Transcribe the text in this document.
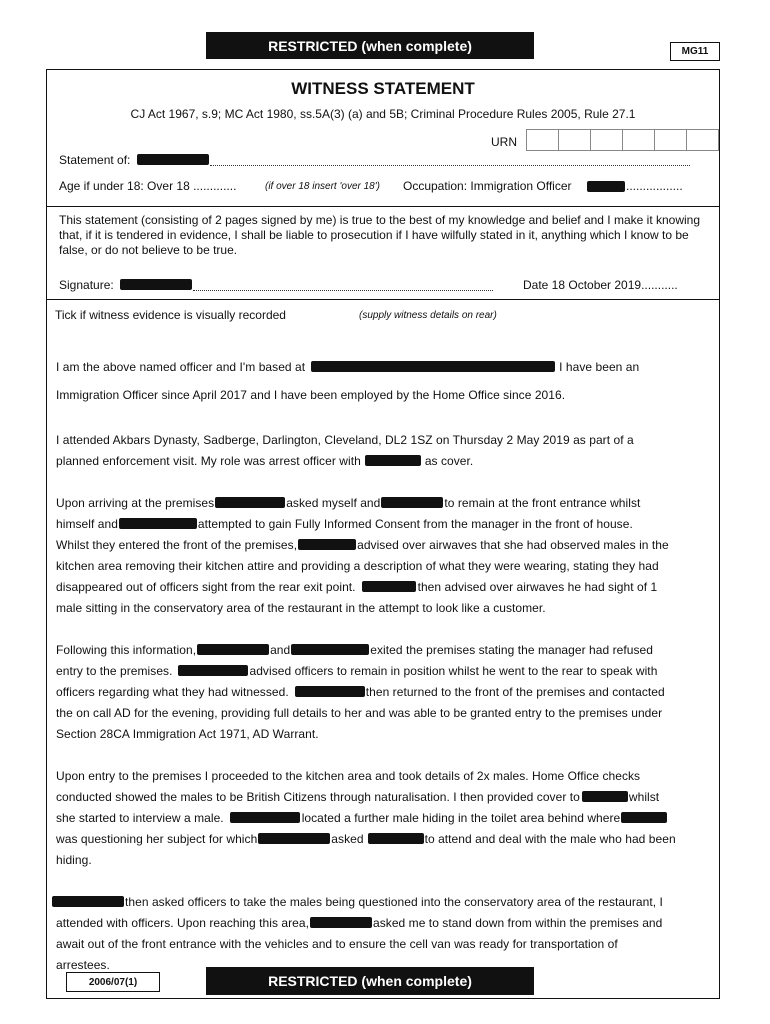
RESTRICTED (when complete)	MG11
WITNESS STATEMENT
CJ Act 1967, s.9; MC Act 1980, ss.5A(3) (a) and 5B; Criminal Procedure Rules 2005, Rule 27.1
URN
Statement of:
Age if under 18: Over 18 .............	(if over 18 insert 'over 18') Occupation: Immigration Officer	.................
This statement (consisting of 2 pages signed by me) is true to the best of my knowledge and belief and I make it knowing that, if it is tendered in evidence, I shall be liable to prosecution if I have wilfully stated in it, anything which I know to be false, or do not believe to be true.
Signature:	Date 18 October 2019...........
Tick if witness evidence is visually recorded	(supply witness details on rear)
I am the above named officer and I'm based at	I have been an
Immigration Officer since April 2017 and I have been employed by the Home Office since 2016.
I attended Akbars Dynasty, Sadberge, Darlington, Cleveland, DL2 1SZ on Thursday 2 May 2019 as part of a
planned enforcement visit. My role was arrest officer with	as cover.
Upon arriving at the premises	asked myself and	to remain at the front entrance whilst
himself and	attempted to gain Fully Informed Consent from the manager in the front of house.
Whilst they entered the front of the premises,	advised over airwaves that she had observed males in the
kitchen area removing their kitchen attire and providing a description of what they were wearing, stating they had
disappeared out of officers sight from the rear exit point.	then advised over airwaves he had sight of 1
male sitting in the conservatory area of the restaurant in the attempt to look like a customer.
Following this information,	and	exited the premises stating the manager had refused
entry to the premises.	advised officers to remain in position whilst he went to the rear to speak with
officers regarding what they had witnessed.	then returned to the front of the premises and contacted
the on call AD for the evening, providing full details to her and was able to be granted entry to the premises under
Section 28CA Immigration Act 1971, AD Warrant.
Upon entry to the premises I proceeded to the kitchen area and took details of 2x males. Home Office checks
conducted showed the males to be British Citizens through naturalisation. I then provided cover to	whilst
she started to interview a male.	located a further male hiding in the toilet area behind where
was questioning her subject for which	asked	to attend and deal with the male who had been
hiding.
then asked officers to take the males being questioned into the conservatory area of the restaurant, I
attended with officers. Upon reaching this area,	asked me to stand down from within the premises and
await out of the front entrance with the vehicles and to ensure the cell van was ready for transportation of
arrestees.
2006/07(1)	RESTRICTED (when complete)
